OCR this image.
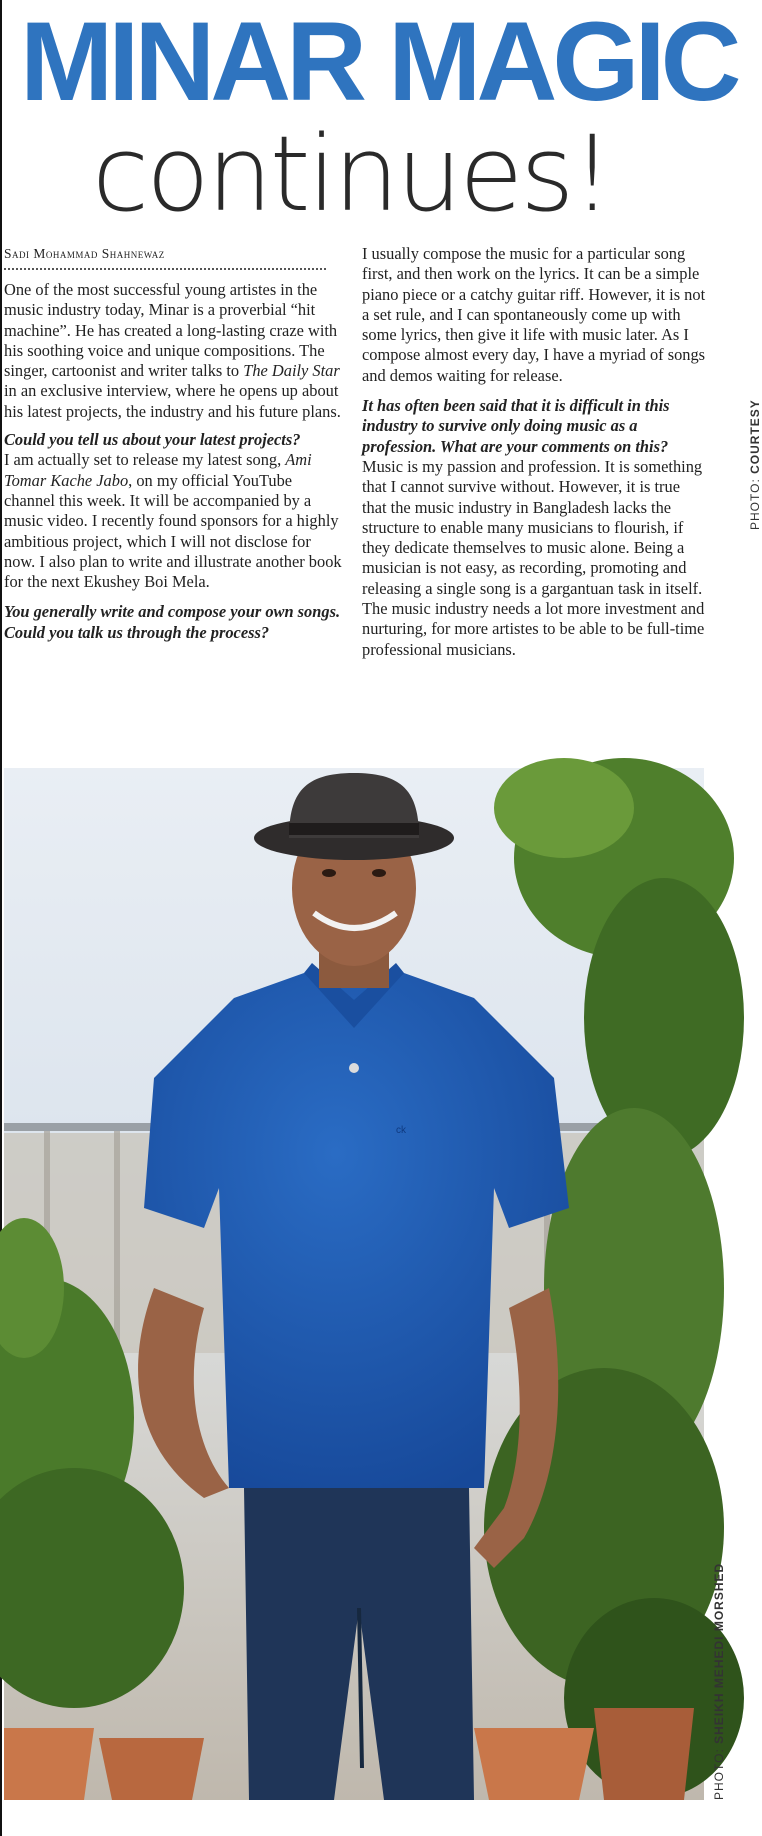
MINAR MAGIC
continues!
Sadi Mohammad Shahnewaz

One of the most successful young artistes in the music industry today, Minar is a proverbial “hit machine”. He has created a long-lasting craze with his soothing voice and unique compositions. The singer, cartoonist and writer talks to The Daily Star in an exclusive interview, where he opens up about his latest projects, the industry and his future plans.

Could you tell us about your latest projects?

I am actually set to release my latest song, Ami Tomar Kache Jabo, on my official YouTube channel this week. It will be accompanied by a music video. I recently found sponsors for a highly ambitious project, which I will not disclose for now. I also plan to write and illustrate another book for the next Ekushey Boi Mela.

You generally write and compose your own songs. Could you talk us through the process?

I usually compose the music for a particular song first, and then work on the lyrics. It can be a simple piano piece or a catchy guitar riff. However, it is not a set rule, and I can spontaneously come up with some lyrics, then give it life with music later. As I compose almost every day, I have a myriad of songs and demos waiting for release.

It has often been said that it is difficult in this industry to survive only doing music as a profession. What are your comments on this?

Music is my passion and profession. It is something that I cannot survive without. However, it is true that the music industry in Bangladesh lacks the structure to enable many musicians to flourish, if they dedicate themselves to music alone. Being a musician is not easy, as recording, promoting and releasing a single song is a gargantuan task in itself. The music industry needs a lot more investment and nurturing, for more artistes to be able to be full-time professional musicians.

PHOTO: COURTESY
ck
PHOTO: SHEIKH MEHEDI MORSHED
